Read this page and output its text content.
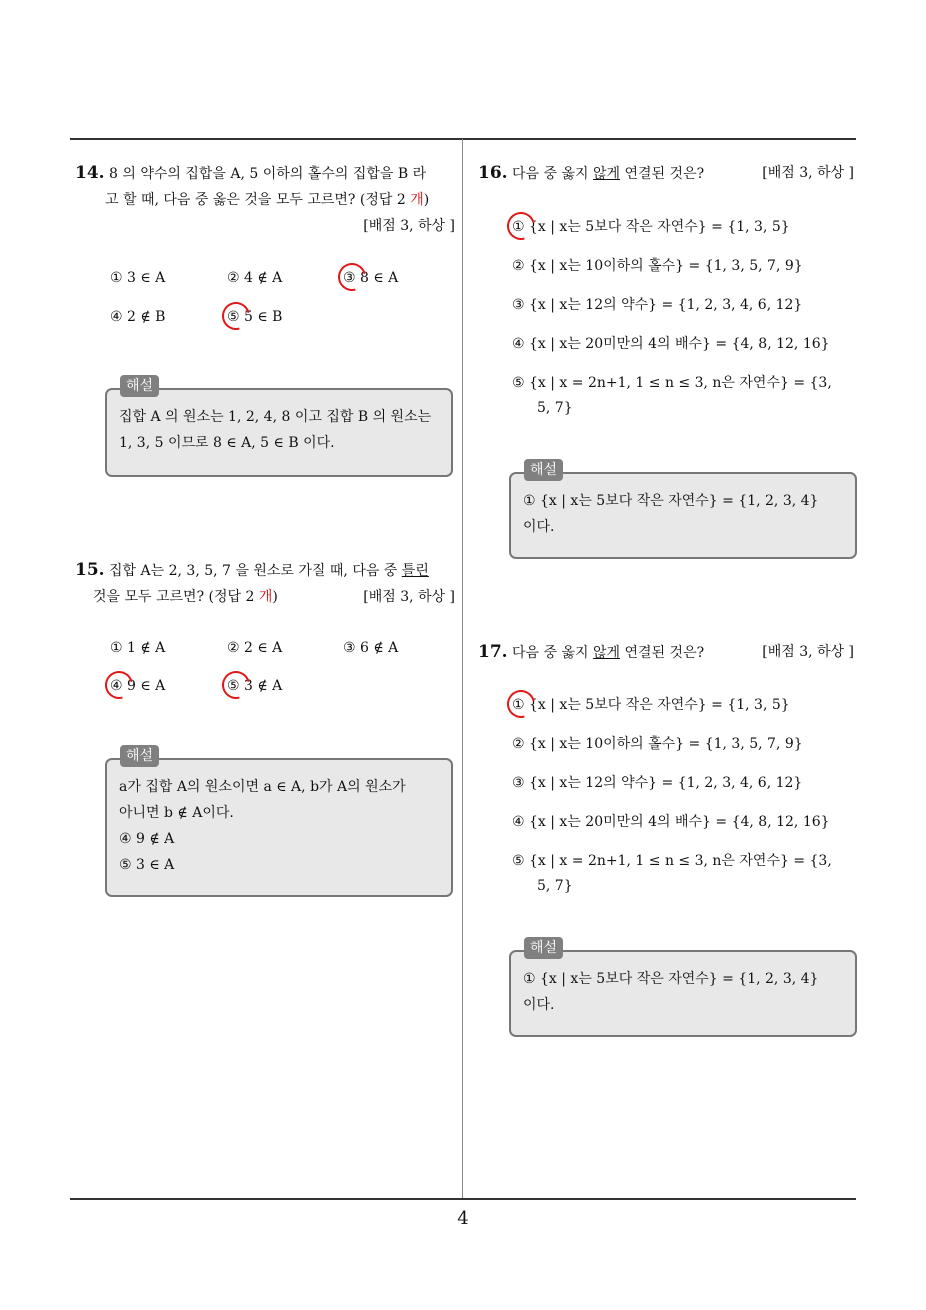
14. 8 의 약수의 집합을 A, 5 이하의 홀수의 집합을 B 라
고 할 때, 다음 중 옳은 것을 모두 고르면? (정답 2 개)
[배점 3, 하상 ]
① 3 ∈ A	② 4 ∉ A	③ 8 ∈ A
④ 2 ∉ B	⑤ 5 ∈ B
집합 A 의 원소는 1, 2, 4, 8 이고 집합 B 의 원소는
1, 3, 5 이므로 8 ∈ A, 5 ∈ B 이다.
해설
15. 집합 A는 2, 3, 5, 7 을 원소로 가질 때, 다음 중 틀린
것을 모두 고르면? (정답 2 개)	[배점 3, 하상 ]
① 1 ∉ A	② 2 ∈ A	③ 6 ∉ A
④ 9 ∈ A	⑤ 3 ∉ A
a가 집합 A의 원소이면 a ∈ A, b가 A의 원소가
아니면 b ∉ A이다.
④ 9 ∉ A
⑤ 3 ∈ A
해설
16. 다음 중 옳지 않게 연결된 것은?	[배점 3, 하상 ]
① {x | x는 5보다 작은 자연수} = {1, 3, 5}
② {x | x는 10이하의 홀수} = {1, 3, 5, 7, 9}
③ {x | x는 12의 약수} = {1, 2, 3, 4, 6, 12}
④ {x | x는 20미만의 4의 배수} = {4, 8, 12, 16}
⑤ {x | x = 2n+1, 1 ≤ n ≤ 3, n은 자연수} = {3,
5, 7}
① {x | x는 5보다 작은 자연수} = {1, 2, 3, 4}
이다.
해설
17. 다음 중 옳지 않게 연결된 것은?	[배점 3, 하상 ]
① {x | x는 5보다 작은 자연수} = {1, 3, 5}
② {x | x는 10이하의 홀수} = {1, 3, 5, 7, 9}
③ {x | x는 12의 약수} = {1, 2, 3, 4, 6, 12}
④ {x | x는 20미만의 4의 배수} = {4, 8, 12, 16}
⑤ {x | x = 2n+1, 1 ≤ n ≤ 3, n은 자연수} = {3,
5, 7}
① {x | x는 5보다 작은 자연수} = {1, 2, 3, 4}
이다.
해설
4
